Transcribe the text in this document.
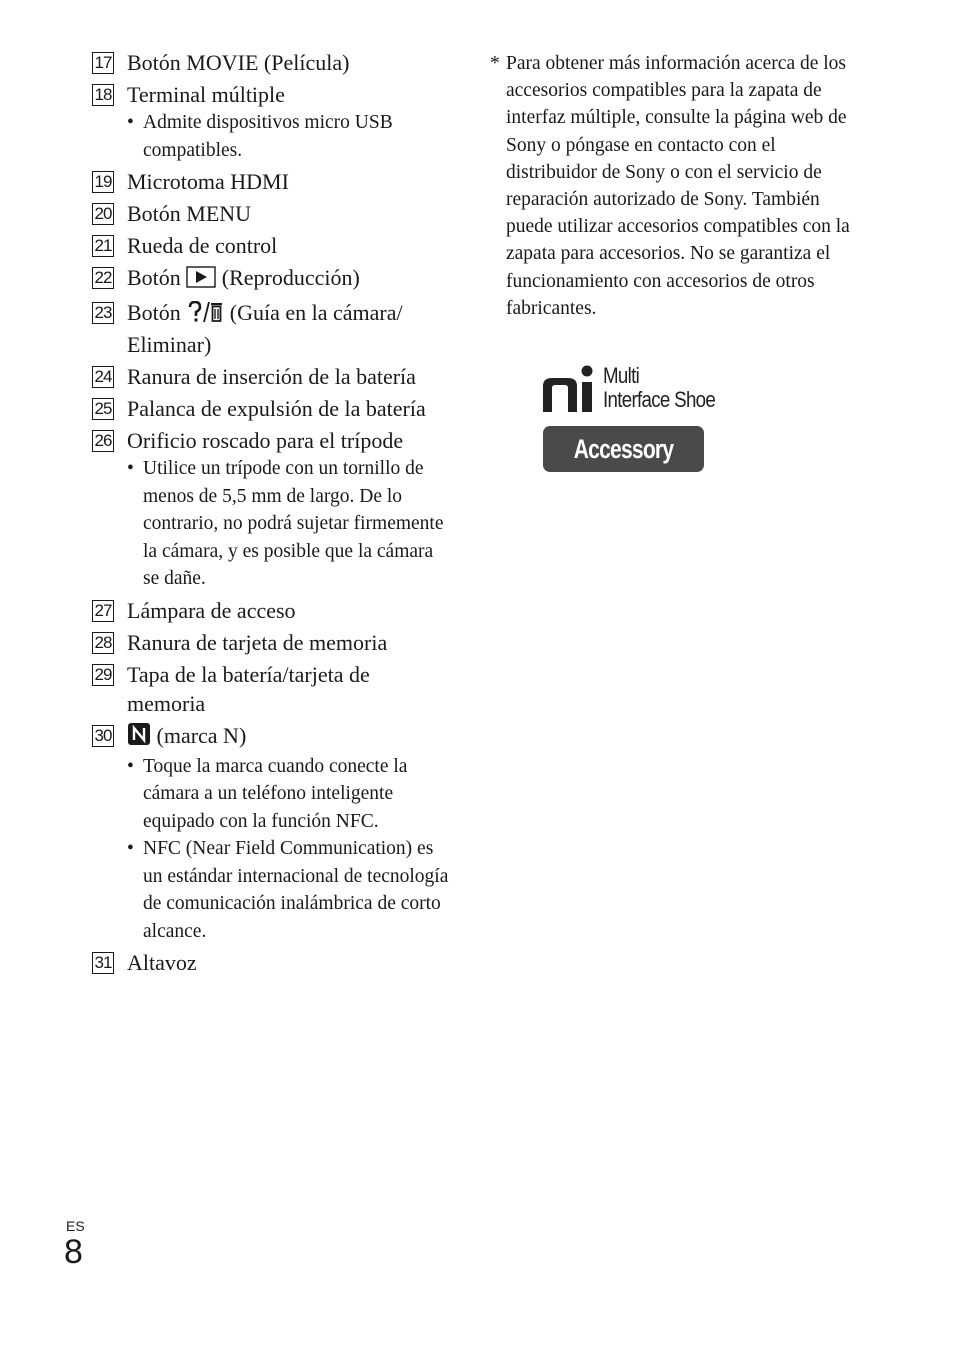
17 Botón MOVIE (Película)
18 Terminal múltiple
• Admite dispositivos micro USB compatibles.
19 Microtoma HDMI
20 Botón MENU
21 Rueda de control
22 Botón (Reproducción)
23 Botón (Guía en la cámara/ Eliminar)
24 Ranura de inserción de la batería
25 Palanca de expulsión de la batería
26 Orificio roscado para el trípode
• Utilice un trípode con un tornillo de menos de 5,5 mm de largo. De lo contrario, no podrá sujetar firmemente la cámara, y es posible que la cámara se dañe.
27 Lámpara de acceso
28 Ranura de tarjeta de memoria
29 Tapa de la batería/tarjeta de memoria
30 (marca N)
• Toque la marca cuando conecte la cámara a un teléfono inteligente equipado con la función NFC.
• NFC (Near Field Communication) es un estándar internacional de tecnología de comunicación inalámbrica de corto alcance.
31 Altavoz
* Para obtener más información acerca de los accesorios compatibles para la zapata de interfaz múltiple, consulte la página web de Sony o póngase en contacto con el distribuidor de Sony o con el servicio de reparación autorizado de Sony. También puede utilizar accesorios compatibles con la zapata para accesorios. No se garantiza el funcionamiento con accesorios de otros fabricantes.
Multi
Interface Shoe
Accessory Shoe
ES
8
